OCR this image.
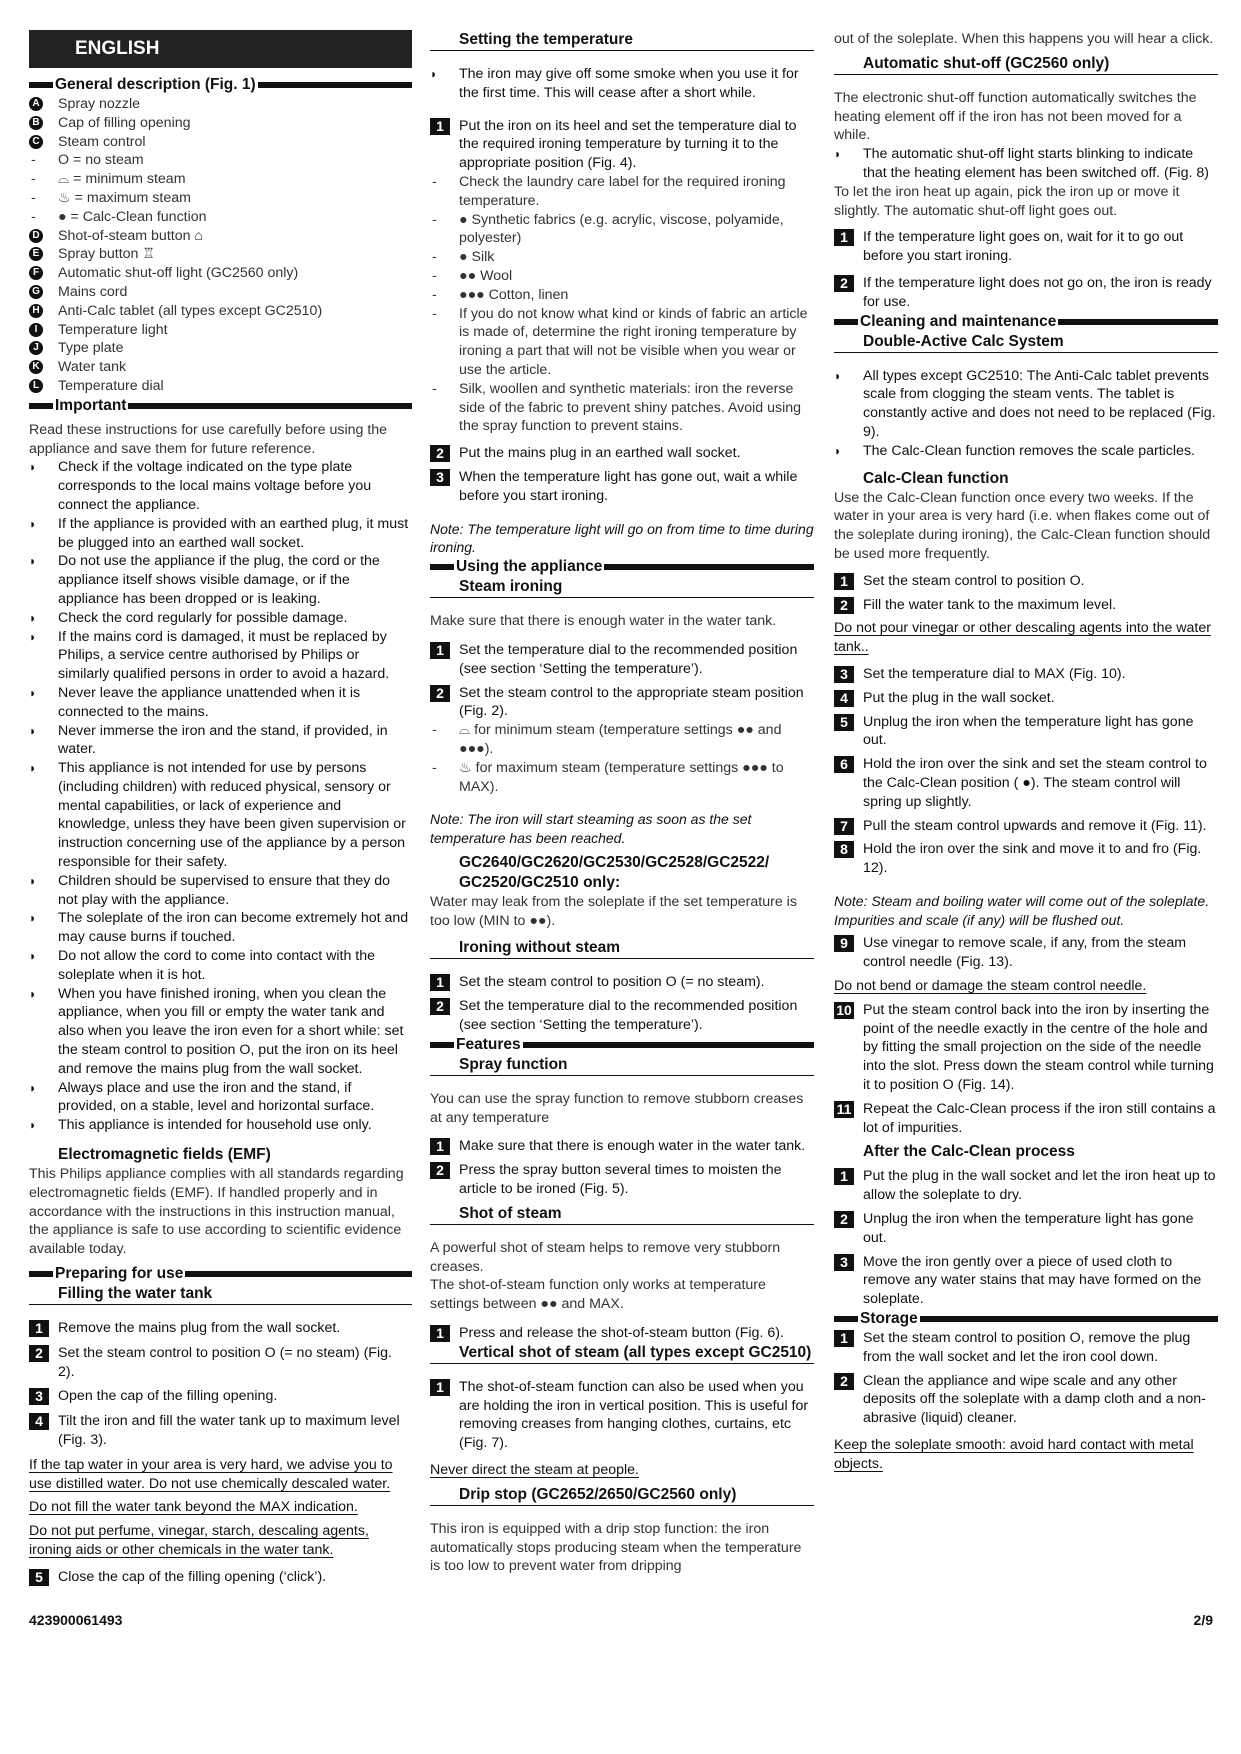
ENGLISH
General description (Fig. 1)
A Spray nozzle
B Cap of filling opening
C Steam control
- O = no steam
- ⌓ = minimum steam
- ♨ = maximum steam
- ● = Calc-Clean function
D Shot-of-steam button ⌂
E Spray button ♖
F Automatic shut-off light (GC2560 only)
G Mains cord
H Anti-Calc tablet (all types except GC2510)
I	Temperature light
J Type plate
K Water tank
L Temperature dial
Important
Read these instructions for use carefully before using the appliance and save them for future reference.
◗ Check if the voltage indicated on the type plate corresponds to the local mains voltage before you connect the appliance.
◗ If the appliance is provided with an earthed plug, it must be plugged into an earthed wall socket.
◗ Do not use the appliance if the plug, the cord or the appliance itself shows visible damage, or if the appliance has been dropped or is leaking.
◗ Check the cord regularly for possible damage.
◗ If the mains cord is damaged, it must be replaced by Philips, a service centre authorised by Philips or similarly qualified persons in order to avoid a hazard.
◗ Never leave the appliance unattended when it is connected to the mains.
◗ Never immerse the iron and the stand, if provided, in water.
◗ This appliance is not intended for use by persons (including children) with reduced physical, sensory or mental capabilities, or lack of experience and knowledge, unless they have been given supervision or instruction concerning use of the appliance by a person responsible for their safety.
◗ Children should be supervised to ensure that they do not play with the appliance.
◗ The soleplate of the iron can become extremely hot and may cause burns if touched.
◗ Do not allow the cord to come into contact with the soleplate when it is hot.
◗ When you have finished ironing, when you clean the appliance, when you fill or empty the water tank and also when you leave the iron even for a short while: set the steam control to position O, put the iron on its heel and remove the mains plug from the wall socket.
◗ Always place and use the iron and the stand, if provided, on a stable, level and horizontal surface.
◗ This appliance is intended for household use only.
Electromagnetic fields (EMF)
This Philips appliance complies with all standards regarding electromagnetic fields (EMF). If handled properly and in accordance with the instructions in this instruction manual, the appliance is safe to use according to scientific evidence available today.
Preparing for use
Filling the water tank
1	Remove the mains plug from the wall socket.
2	Set the steam control to position O (= no steam) (Fig. 2).
3	Open the cap of the filling opening.
4	Tilt the iron and fill the water tank up to maximum level (Fig. 3).
If the tap water in your area is very hard, we advise you to use distilled water. Do not use chemically descaled water.
Do not fill the water tank beyond the MAX indication.
Do not put perfume, vinegar, starch, descaling agents, ironing aids or other chemicals in the water tank.
5	Close the cap of the filling opening (‘click’).
Setting the temperature
◗ The iron may give off some smoke when you use it for the first time. This will cease after a short while.
1	Put the iron on its heel and set the temperature dial to the required ironing temperature by turning it to the appropriate position (Fig. 4).
- Check the laundry care label for the required ironing temperature.
- ● Synthetic fabrics (e.g. acrylic, viscose, polyamide, polyester)
- ● Silk
- ●● Wool
- ●●● Cotton, linen
- If you do not know what kind or kinds of fabric an article is made of, determine the right ironing temperature by ironing a part that will not be visible when you wear or use the article.
- Silk, woollen and synthetic materials: iron the reverse side of the fabric to prevent shiny patches. Avoid using the spray function to prevent stains.
2	Put the mains plug in an earthed wall socket.
3	When the temperature light has gone out, wait a while before you start ironing.
Note: The temperature light will go on from time to time during ironing.
Using the appliance
Steam ironing
Make sure that there is enough water in the water tank.
1	Set the temperature dial to the recommended position (see section ‘Setting the temperature’).
2	Set the steam control to the appropriate steam position (Fig. 2).
- ⌓ for minimum steam (temperature settings ●● and ●●●).
- ♨ for maximum steam (temperature settings ●●● to MAX).
Note: The iron will start steaming as soon as the set temperature has been reached.
GC2640/GC2620/GC2530/GC2528/GC2522/ GC2520/GC2510 only:
Water may leak from the soleplate if the set temperature is too low (MIN to ●●).
Ironing without steam
1	Set the steam control to position O (= no steam).
2	Set the temperature dial to the recommended position (see section ‘Setting the temperature’).
Features
Spray function
You can use the spray function to remove stubborn creases at any temperature
1	Make sure that there is enough water in the water tank.
2	Press the spray button several times to moisten the article to be ironed (Fig. 5).
Shot of steam
A powerful shot of steam helps to remove very stubborn creases.
The shot-of-steam function only works at temperature settings between ●● and MAX.
1	Press and release the shot-of-steam button (Fig. 6).
Vertical shot of steam (all types except GC2510)
1	The shot-of-steam function can also be used when you are holding the iron in vertical position. This is useful for removing creases from hanging clothes, curtains, etc (Fig. 7).
Never direct the steam at people.
Drip stop (GC2652/2650/GC2560 only)
This iron is equipped with a drip stop function: the iron automatically stops producing steam when the temperature is too low to prevent water from dripping
out of the soleplate. When this happens you will hear a click.
Automatic shut-off (GC2560 only)
The electronic shut-off function automatically switches the heating element off if the iron has not been moved for a while.
◗ The automatic shut-off light starts blinking to indicate that the heating element has been switched off. (Fig. 8)
To let the iron heat up again, pick the iron up or move it slightly. The automatic shut-off light goes out.
1	If the temperature light goes on, wait for it to go out before you start ironing.
2	If the temperature light does not go on, the iron is ready for use.
Cleaning and maintenance
Double-Active Calc System
◗ All types except GC2510: The Anti-Calc tablet prevents scale from clogging the steam vents. The tablet is constantly active and does not need to be replaced (Fig. 9).
◗ The Calc-Clean function removes the scale particles.
Calc-Clean function
Use the Calc-Clean function once every two weeks. If the water in your area is very hard (i.e. when flakes come out of the soleplate during ironing), the Calc-Clean function should be used more frequently.
1	Set the steam control to position O.
2	Fill the water tank to the maximum level.
Do not pour vinegar or other descaling agents into the water tank..
3	Set the temperature dial to MAX (Fig. 10).
4	Put the plug in the wall socket.
5	Unplug the iron when the temperature light has gone out.
6	Hold the iron over the sink and set the steam control to the Calc-Clean position ( ●). The steam control will spring up slightly.
7	Pull the steam control upwards and remove it (Fig. 11).
8	Hold the iron over the sink and move it to and fro (Fig. 12).
Note: Steam and boiling water will come out of the soleplate. Impurities and scale (if any) will be flushed out.
9	Use vinegar to remove scale, if any, from the steam control needle (Fig. 13).
Do not bend or damage the steam control needle.
10 Put the steam control back into the iron by inserting the point of the needle exactly in the centre of the hole and by fitting the small projection on the side of the needle into the slot. Press down the steam control while turning it to position O (Fig. 14).
11 Repeat the Calc-Clean process if the iron still contains a lot of impurities.
After the Calc-Clean process
1	Put the plug in the wall socket and let the iron heat up to allow the soleplate to dry.
2	Unplug the iron when the temperature light has gone out.
3	Move the iron gently over a piece of used cloth to remove any water stains that may have formed on the soleplate.
Storage
1	Set the steam control to position O, remove the plug from the wall socket and let the iron cool down.
2	Clean the appliance and wipe scale and any other deposits off the soleplate with a damp cloth and a non-abrasive (liquid) cleaner.
Keep the soleplate smooth: avoid hard contact with metal objects.
423900061493	2/9
